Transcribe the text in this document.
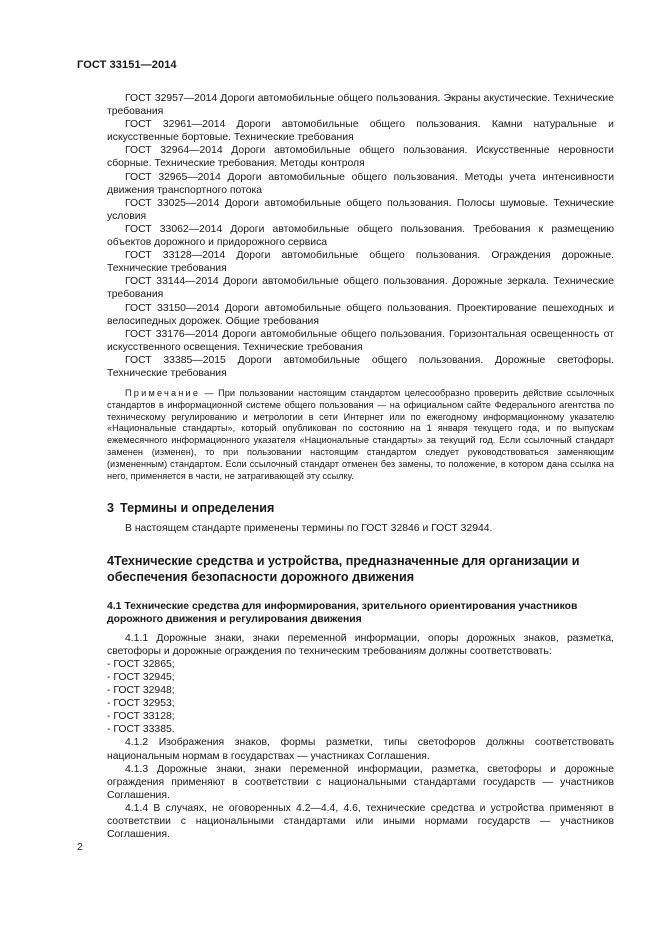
ГОСТ 33151—2014

ГОСТ 32957—2014 Дороги автомобильные общего пользования. Экраны акустические. Технические требования

ГОСТ 32961—2014 Дороги автомобильные общего пользования. Камни натуральные и искусственные бортовые. Технические требования

ГОСТ 32964—2014 Дороги автомобильные общего пользования. Искусственные неровности сборные. Технические требования. Методы контроля

ГОСТ 32965—2014 Дороги автомобильные общего пользования. Методы учета интенсивности движения транспортного потока

ГОСТ 33025—2014 Дороги автомобильные общего пользования. Полосы шумовые. Технические условия

ГОСТ 33062—2014 Дороги автомобильные общего пользования. Требования к размещению объектов дорожного и придорожного сервиса

ГОСТ 33128—2014 Дороги автомобильные общего пользования. Ограждения дорожные. Технические требования

ГОСТ 33144—2014 Дороги автомобильные общего пользования. Дорожные зеркала. Технические требования

ГОСТ 33150—2014 Дороги автомобильные общего пользования. Проектирование пешеходных и велосипедных дорожек. Общие требования

ГОСТ 33176—2014 Дороги автомобильные общего пользования. Горизонтальная освещенность от искусственного освещения. Технические требования

ГОСТ 33385—2015 Дороги автомобильные общего пользования. Дорожные светофоры. Технические требования

Примечание — При пользовании настоящим стандартом целесообразно проверить действие ссылочных стандартов в информационной системе общего пользования — на официальном сайте Федерального агентства по техническому регулированию и метрологии в сети Интернет или по ежегодному информационному указателю «Национальные стандарты», который опубликован по состоянию на 1 января текущего года, и по выпускам ежемесячного информационного указателя «Национальные стандарты» за текущий год. Если ссылочный стандарт заменен (изменен), то при пользовании настоящим стандартом следует руководствоваться заменяющим (измененным) стандартом. Если ссылочный стандарт отменен без замены, то положение, в котором дана ссылка на него, применяется в части, не затрагивающей эту ссылку.

3 Термины и определения

В настоящем стандарте применены термины по ГОСТ 32846 и ГОСТ 32944.

4Технические средства и устройства, предназначенные для организации и обеспечения безопасности дорожного движения
4.1 Технические средства для информирования, зрительного ориентирования участников дорожного движения и регулирования движения

4.1.1 Дорожные знаки, знаки переменной информации, опоры дорожных знаков, разметка, светофоры и дорожные ограждения по техническим требованиям должны соответствовать:

- ГОСТ 32865;
- ГОСТ 32945;
- ГОСТ 32948;
- ГОСТ 32953;
- ГОСТ 33128;
- ГОСТ 33385.

4.1.2 Изображения знаков, формы разметки, типы светофоров должны соответствовать национальным нормам в государствах — участниках Соглашения.

4.1.3 Дорожные знаки, знаки переменной информации, разметка, светофоры и дорожные ограждения применяют в соответствии с национальными стандартами государств — участников Соглашения.

4.1.4 В случаях, не оговоренных 4.2—4.4, 4.6, технические средства и устройства применяют в соответствии с национальными стандартами или иными нормами государств — участников Соглашения.

2
